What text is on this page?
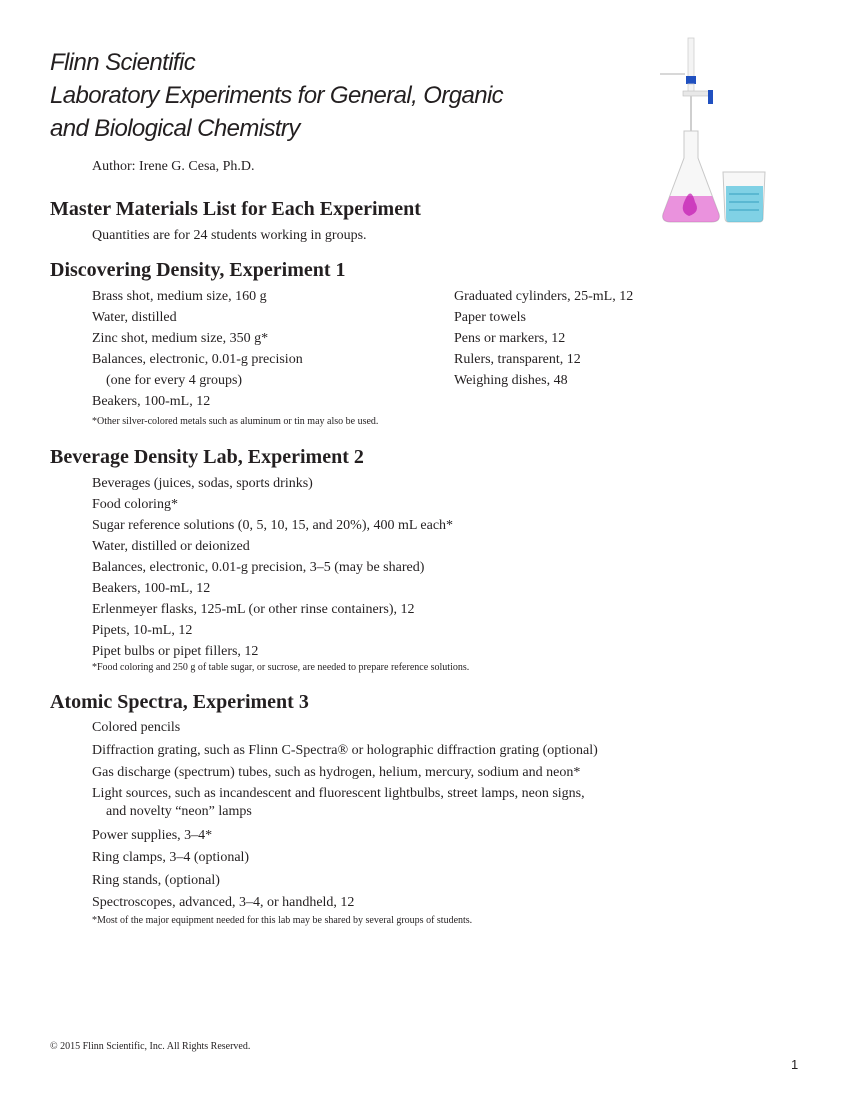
Flinn Scientific
Laboratory Experiments for General, Organic
and Biological Chemistry
Author: Irene G. Cesa, Ph.D.
Master Materials List for Each Experiment
Quantities are for 24 students working in groups.
Discovering Density, Experiment 1
Brass shot, medium size, 160 g
Water, distilled
Zinc shot, medium size, 350 g*
Balances, electronic, 0.01-g precision
(one for every 4 groups)
Beakers, 100-mL, 12
Graduated cylinders, 25-mL, 12
Paper towels
Pens or markers, 12
Rulers, transparent, 12
Weighing dishes, 48
*Other silver-colored metals such as aluminum or tin may also be used.
Beverage Density Lab, Experiment 2
Beverages (juices, sodas, sports drinks)
Food coloring*
Sugar reference solutions (0, 5, 10, 15, and 20%), 400 mL each*
Water, distilled or deionized
Balances, electronic, 0.01-g precision, 3–5 (may be shared)
Beakers, 100-mL, 12
Erlenmeyer flasks, 125-mL (or other rinse containers), 12
Pipets, 10-mL, 12
Pipet bulbs or pipet fillers, 12
*Food coloring and 250 g of table sugar, or sucrose, are needed to prepare reference solutions.
Atomic Spectra, Experiment 3
Colored pencils
Diffraction grating, such as Flinn C-Spectra® or holographic diffraction grating (optional)
Gas discharge (spectrum) tubes, such as hydrogen, helium, mercury, sodium and neon*
Light sources, such as incandescent and fluorescent lightbulbs, street lamps, neon signs,
and novelty “neon” lamps
Power supplies, 3–4*
Ring clamps, 3–4 (optional)
Ring stands, (optional)
Spectroscopes, advanced, 3–4, or handheld, 12
*Most of the major equipment needed for this lab may be shared by several groups of students.
© 2015 Flinn Scientific, Inc. All Rights Reserved.
1
